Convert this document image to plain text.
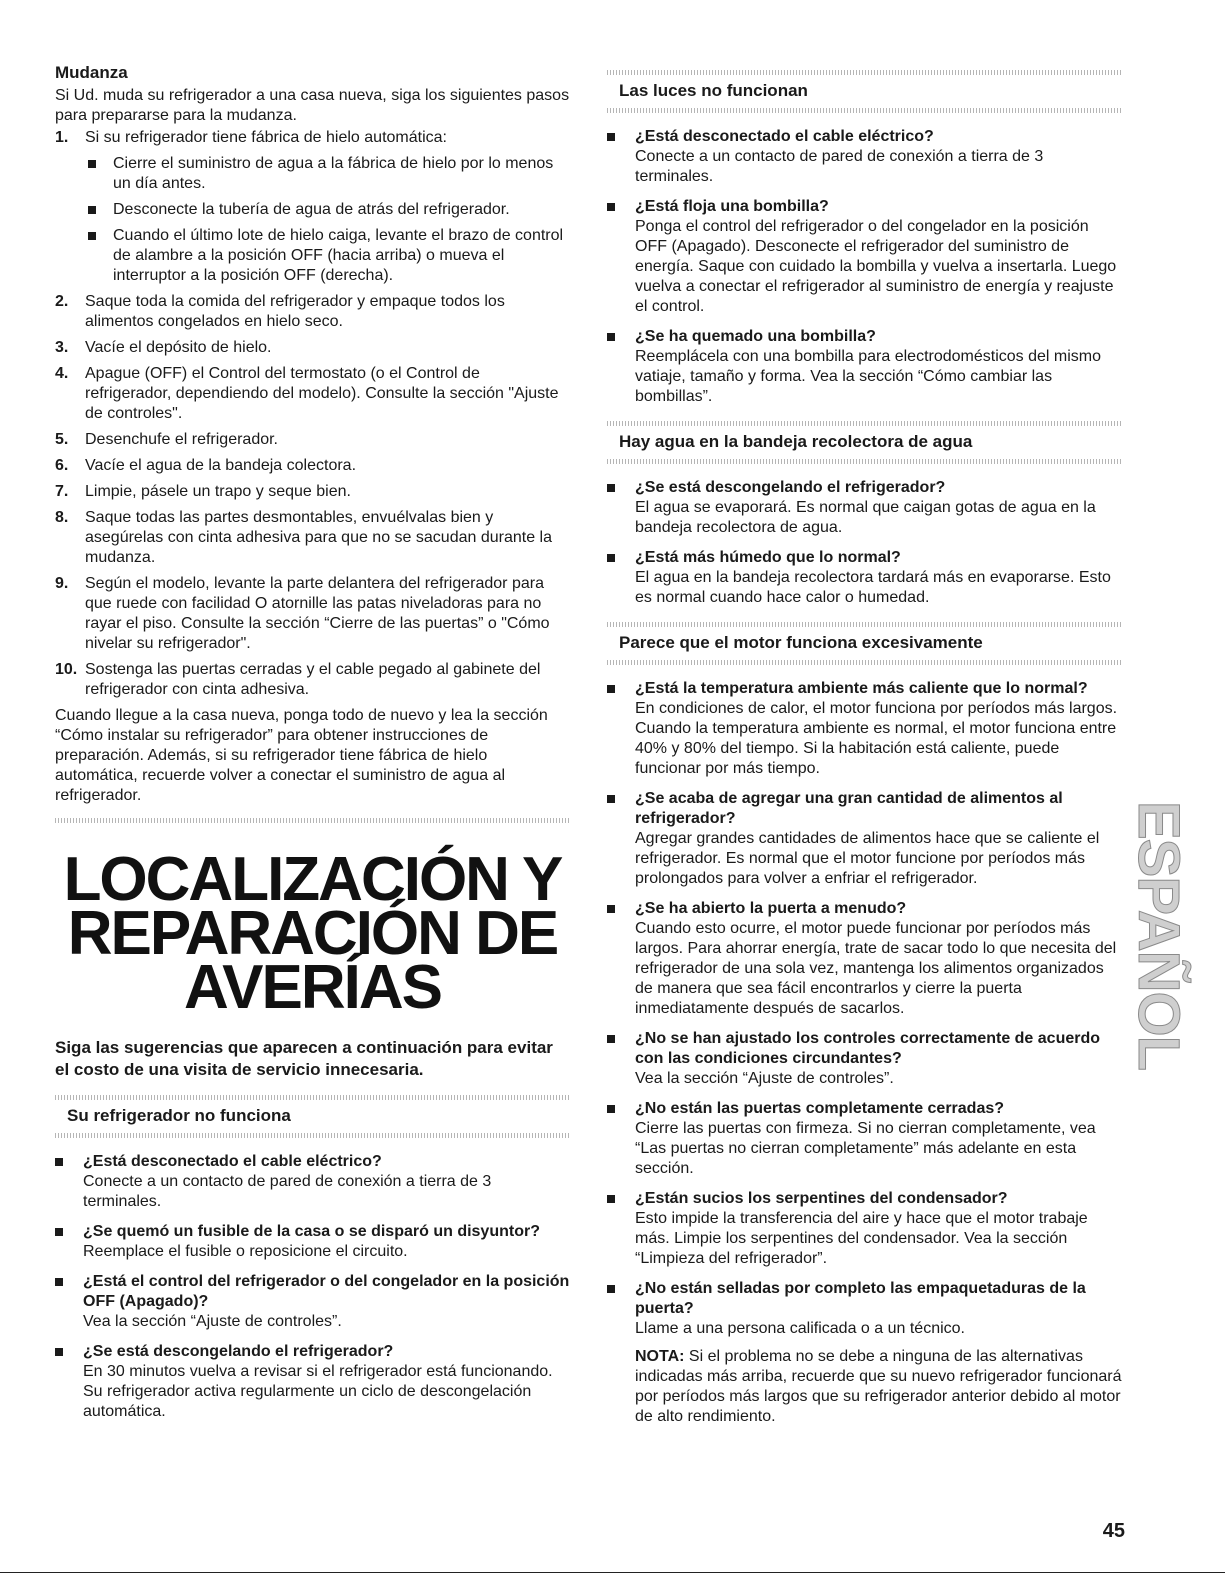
Mudanza

Si Ud. muda su refrigerador a una casa nueva, siga los siguientes pasos para prepararse para la mudanza.

1. Si su refrigerador tiene fábrica de hielo automática:
Cierre el suministro de agua a la fábrica de hielo por lo menos un día antes.
Desconecte la tubería de agua de atrás del refrigerador.
Cuando el último lote de hielo caiga, levante el brazo de control de alambre a la posición OFF (hacia arriba) o mueva el interruptor a la posición OFF (derecha).
2. Saque toda la comida del refrigerador y empaque todos los alimentos congelados en hielo seco.
3. Vacíe el depósito de hielo.
4. Apague (OFF) el Control del termostato (o el Control de refrigerador, dependiendo del modelo). Consulte la sección "Ajuste de controles".
5. Desenchufe el refrigerador.
6. Vacíe el agua de la bandeja colectora.
7. Limpie, pásele un trapo y seque bien.
8. Saque todas las partes desmontables, envuélvalas bien y asegúrelas con cinta adhesiva para que no se sacudan durante la mudanza.
9. Según el modelo, levante la parte delantera del refrigerador para que ruede con facilidad O atornille las patas niveladoras para no rayar el piso. Consulte la sección “Cierre de las puertas” o "Cómo nivelar su refrigerador".
10. Sostenga las puertas cerradas y el cable pegado al gabinete del refrigerador con cinta adhesiva.

Cuando llegue a la casa nueva, ponga todo de nuevo y lea la sección “Cómo instalar su refrigerador” para obtener instrucciones de preparación. Además, si su refrigerador tiene fábrica de hielo automática, recuerde volver a conectar el suministro de agua al refrigerador.

LOCALIZACIÓN Y
REPARACIÓN DE
AVERÍAS

Siga las sugerencias que aparecen a continuación para evitar el costo de una visita de servicio innecesaria.

Su refrigerador no funciona
¿Está desconectado el cable eléctrico?
Conecte a un contacto de pared de conexión a tierra de 3 terminales.
¿Se quemó un fusible de la casa o se disparó un disyuntor?
Reemplace el fusible o reposicione el circuito.
¿Está el control del refrigerador o del congelador en la posición OFF (Apagado)?
Vea la sección “Ajuste de controles”.
¿Se está descongelando el refrigerador?
En 30 minutos vuelva a revisar si el refrigerador está funcionando. Su refrigerador activa regularmente un ciclo de descongelación automática.
Las luces no funcionan
¿Está desconectado el cable eléctrico?
Conecte a un contacto de pared de conexión a tierra de 3 terminales.
¿Está floja una bombilla?
Ponga el control del refrigerador o del congelador en la posición OFF (Apagado). Desconecte el refrigerador del suministro de energía. Saque con cuidado la bombilla y vuelva a insertarla. Luego vuelva a conectar el refrigerador al suministro de energía y reajuste el control.
¿Se ha quemado una bombilla?
Reemplácela con una bombilla para electrodomésticos del mismo vatiaje, tamaño y forma. Vea la sección “Cómo cambiar las bombillas”.
Hay agua en la bandeja recolectora de agua
¿Se está descongelando el refrigerador?
El agua se evaporará. Es normal que caigan gotas de agua en la bandeja recolectora de agua.
¿Está más húmedo que lo normal?
El agua en la bandeja recolectora tardará más en evaporarse. Esto es normal cuando hace calor o humedad.
Parece que el motor funciona excesivamente
¿Está la temperatura ambiente más caliente que lo normal?
En condiciones de calor, el motor funciona por períodos más largos. Cuando la temperatura ambiente es normal, el motor funciona entre 40% y 80% del tiempo. Si la habitación está caliente, puede funcionar por más tiempo.
¿Se acaba de agregar una gran cantidad de alimentos al refrigerador?
Agregar grandes cantidades de alimentos hace que se caliente el refrigerador. Es normal que el motor funcione por períodos más prolongados para volver a enfriar el refrigerador.
¿Se ha abierto la puerta a menudo?
Cuando esto ocurre, el motor puede funcionar por períodos más largos. Para ahorrar energía, trate de sacar todo lo que necesita del refrigerador de una sola vez, mantenga los alimentos organizados de manera que sea fácil encontrarlos y cierre la puerta inmediatamente después de sacarlos.
¿No se han ajustado los controles correctamente de acuerdo con las condiciones circundantes?
Vea la sección “Ajuste de controles”.
¿No están las puertas completamente cerradas?
Cierre las puertas con firmeza. Si no cierran completamente, vea “Las puertas no cierran completamente” más adelante en esta sección.
¿Están sucios los serpentines del condensador?
Esto impide la transferencia del aire y hace que el motor trabaje más. Limpie los serpentines del condensador. Vea la sección “Limpieza del refrigerador”.
¿No están selladas por completo las empaquetaduras de la puerta?
Llame a una persona calificada o a un técnico.

NOTA: Si el problema no se debe a ninguna de las alternativas indicadas más arriba, recuerde que su nuevo refrigerador funcionará por períodos más largos que su refrigerador anterior debido al motor de alto rendimiento.

ESPAÑOL
45
